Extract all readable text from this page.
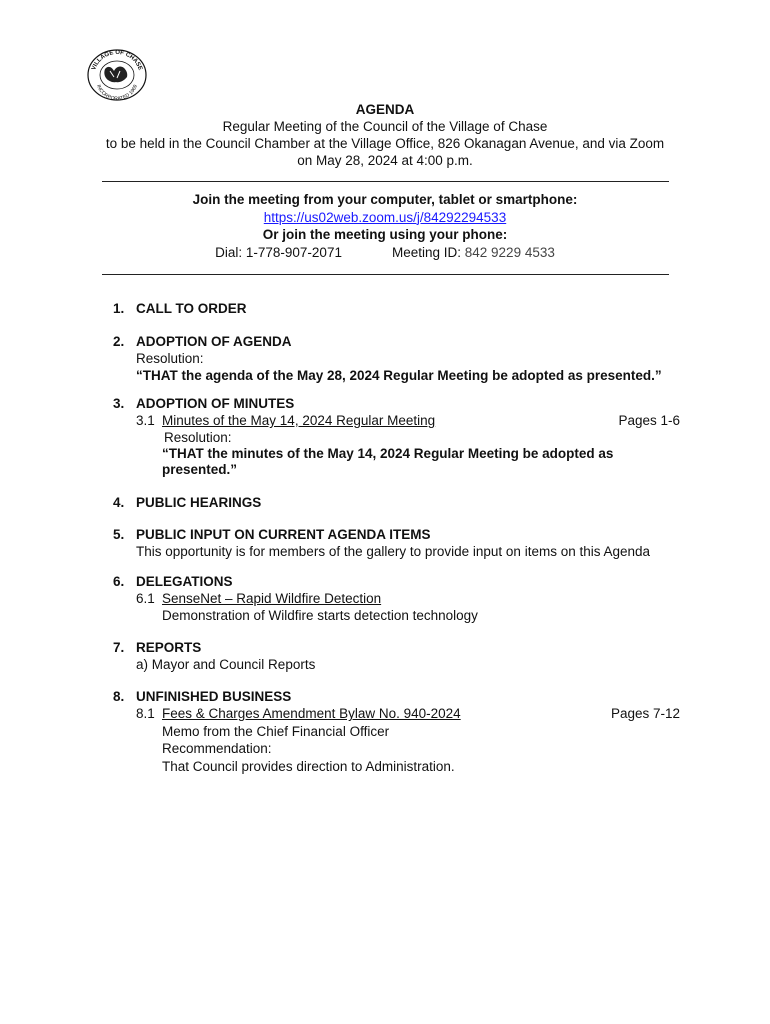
VILLAGE OF CHASE
INCORPORATED 1969
AGENDA
Regular Meeting of the Council of the Village of Chase
to be held in the Council Chamber at the Village Office, 826 Okanagan Avenue, and via Zoom
on May 28, 2024 at 4:00 p.m.
Join the meeting from your computer, tablet or smartphone:
https://us02web.zoom.us/j/84292294533
Or join the meeting using your phone:
Dial: 1-778-907-2071	Meeting ID: 842 9229 4533
1. CALL TO ORDER
2. ADOPTION OF AGENDA
Resolution:
“THAT the agenda of the May 28, 2024 Regular Meeting be adopted as presented.”
3. ADOPTION OF MINUTES
3.1 Minutes of the May 14, 2024 Regular Meeting	Pages 1-6
Resolution:
“THAT the minutes of the May 14, 2024 Regular Meeting be adopted as
presented.”
4. PUBLIC HEARINGS
5. PUBLIC INPUT ON CURRENT AGENDA ITEMS
This opportunity is for members of the gallery to provide input on items on this Agenda
6. DELEGATIONS
6.1 SenseNet – Rapid Wildfire Detection
Demonstration of Wildfire starts detection technology
7. REPORTS
a) Mayor and Council Reports
8. UNFINISHED BUSINESS
8.1 Fees & Charges Amendment Bylaw No. 940-2024	Pages 7-12
Memo from the Chief Financial Officer
Recommendation:
That Council provides direction to Administration.
